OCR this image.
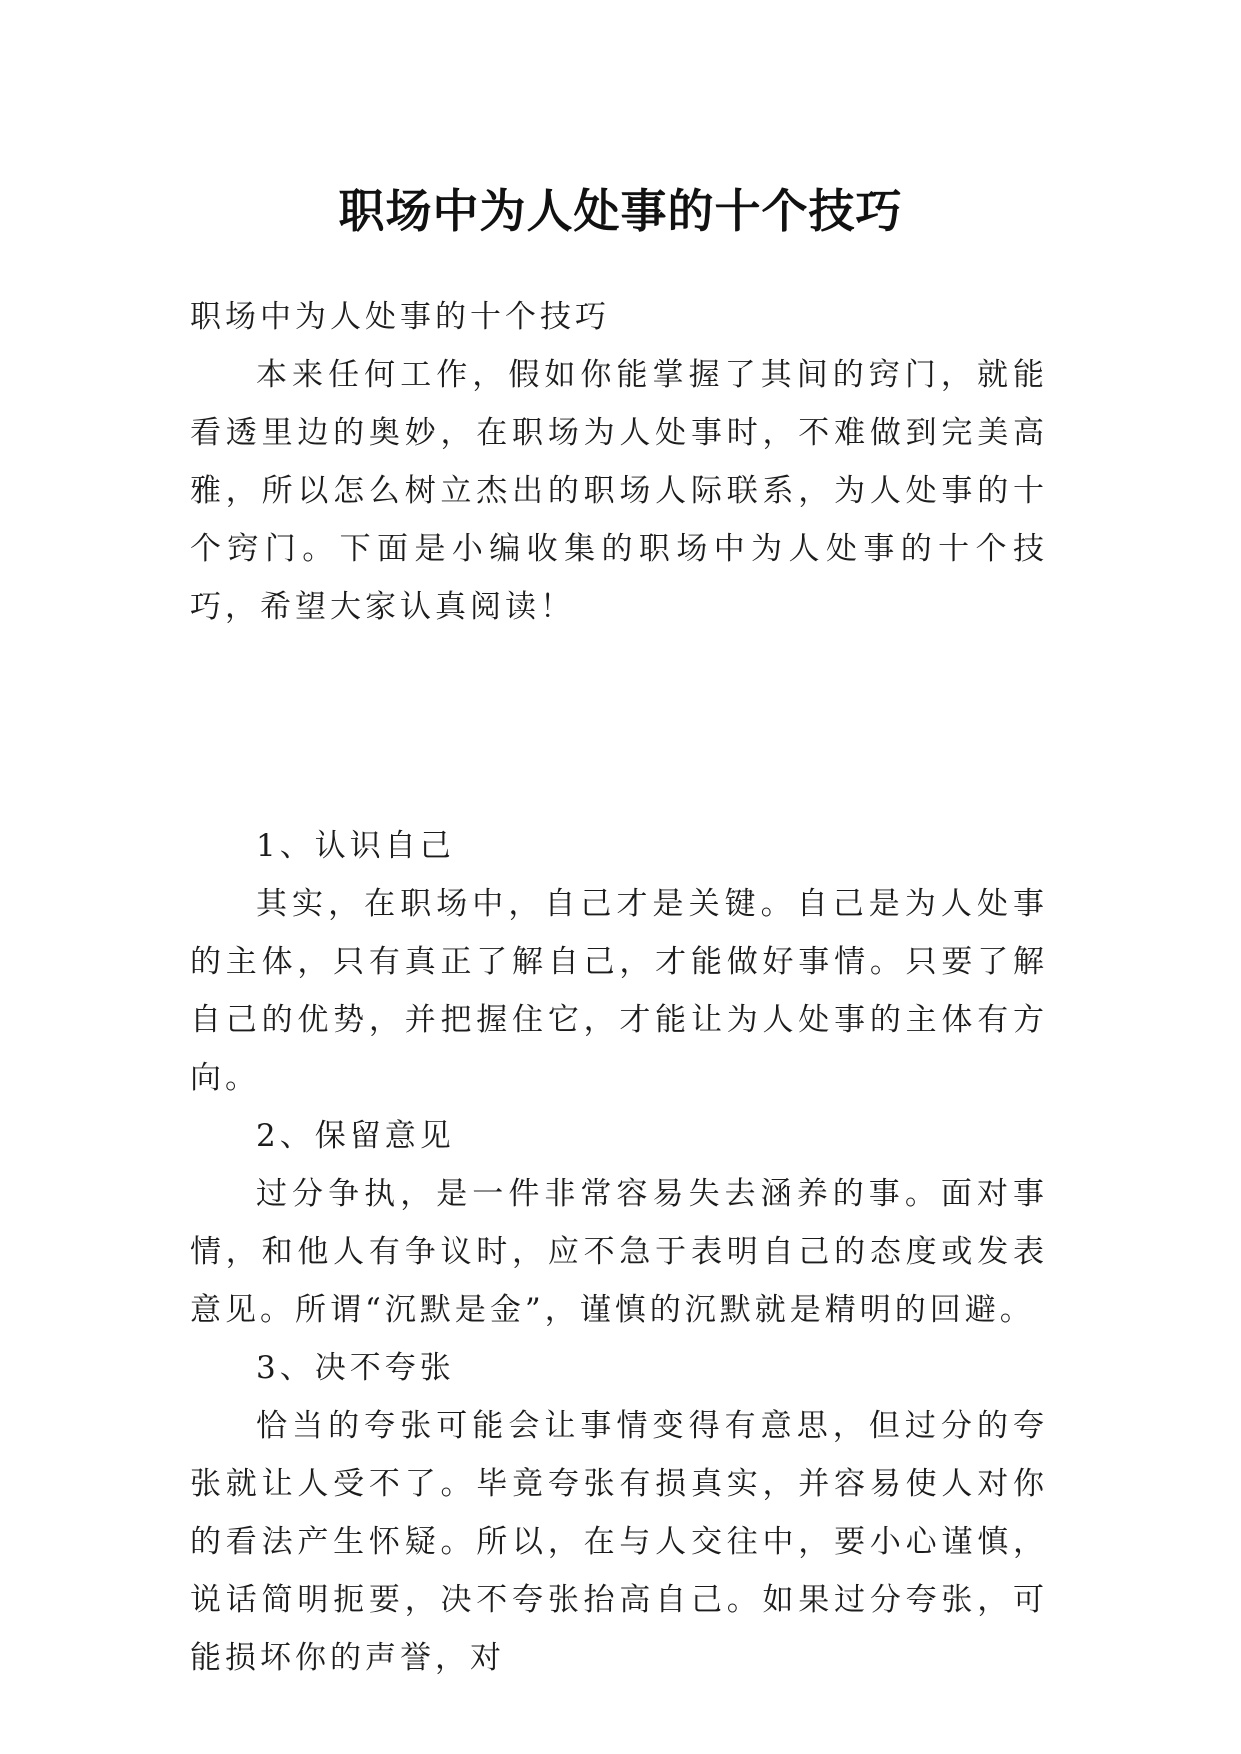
职场中为人处事的十个技巧

职场中为人处事的十个技巧

本来任何工作，假如你能掌握了其间的窍门，就能看透里边的奥妙，在职场为人处事时，不难做到完美高雅，所以怎么树立杰出的职场人际联系，为人处事的十个窍门。下面是小编收集的职场中为人处事的十个技巧，希望大家认真阅读！

1、认识自己

其实，在职场中，自己才是关键。自己是为人处事的主体，只有真正了解自己，才能做好事情。只要了解自己的优势，并把握住它，才能让为人处事的主体有方向。

2、保留意见

过分争执，是一件非常容易失去涵养的事。面对事情，和他人有争议时，应不急于表明自己的态度或发表意见。所谓“沉默是金”，谨慎的沉默就是精明的回避。

3、决不夸张

恰当的夸张可能会让事情变得有意思，但过分的夸张就让人受不了。毕竟夸张有损真实，并容易使人对你的看法产生怀疑。所以，在与人交往中，要小心谨慎，说话简明扼要，决不夸张抬高自己。如果过分夸张，可能损坏你的声誉，对
